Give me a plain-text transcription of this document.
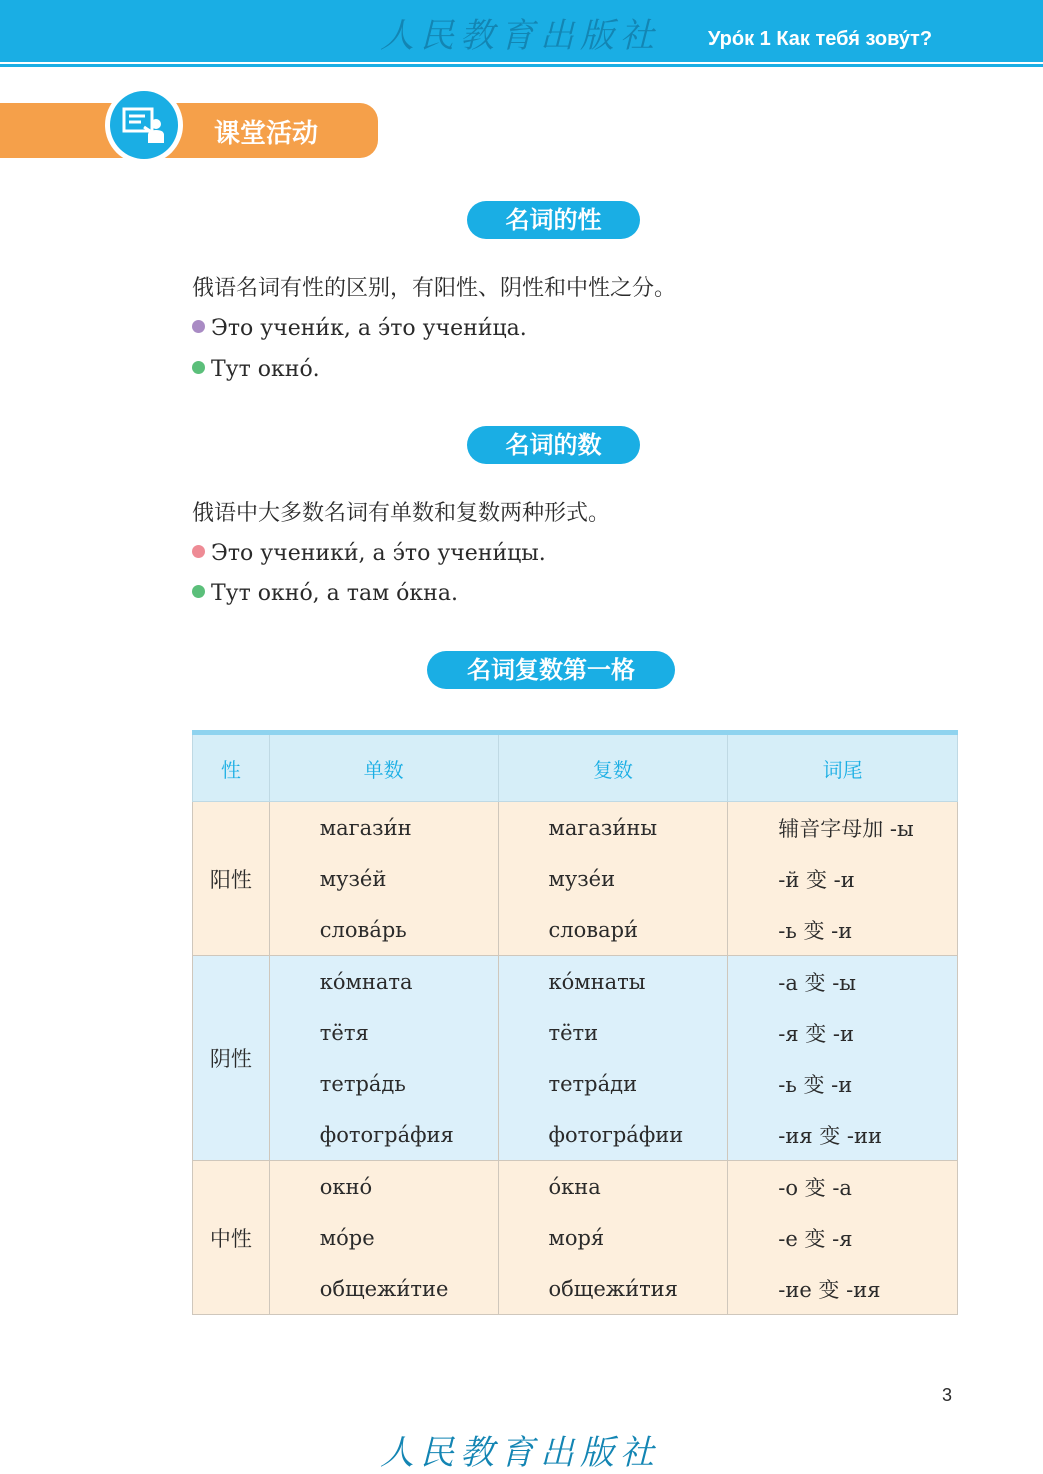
人民教育出版社	Уро́к 1 Как тебя́ зову́т?
课堂活动
名词的性
俄语名词有性的区别，有阳性、阴性和中性之分。
Это учени́к, а э́то учени́ца.
Тут окно́.
名词的数
俄语中大多数名词有单数和复数两种形式。
Это ученики́, а э́то учени́цы.
Тут окно́, а там о́кна.
名词复数第一格
性	单数	复数	词尾
阳性	магази́н	магази́ны	辅音字母加 -ы
	музе́й	музе́и	-й 变 -и
	слова́рь	словари́	-ь 变 -и
阴性	ко́мната	ко́мнаты	-а 变 -ы
	тётя	тёти	-я 变 -и
	тетра́дь	тетра́ди	-ь 变 -и
	фотогра́фия	фотогра́фии	-ия 变 -ии
中性	окно́	о́кна	-о 变 -а
	мо́ре	моря́	-е 变 -я
	общежи́тие	общежи́тия	-ие 变 -ия
3
人民教育出版社
